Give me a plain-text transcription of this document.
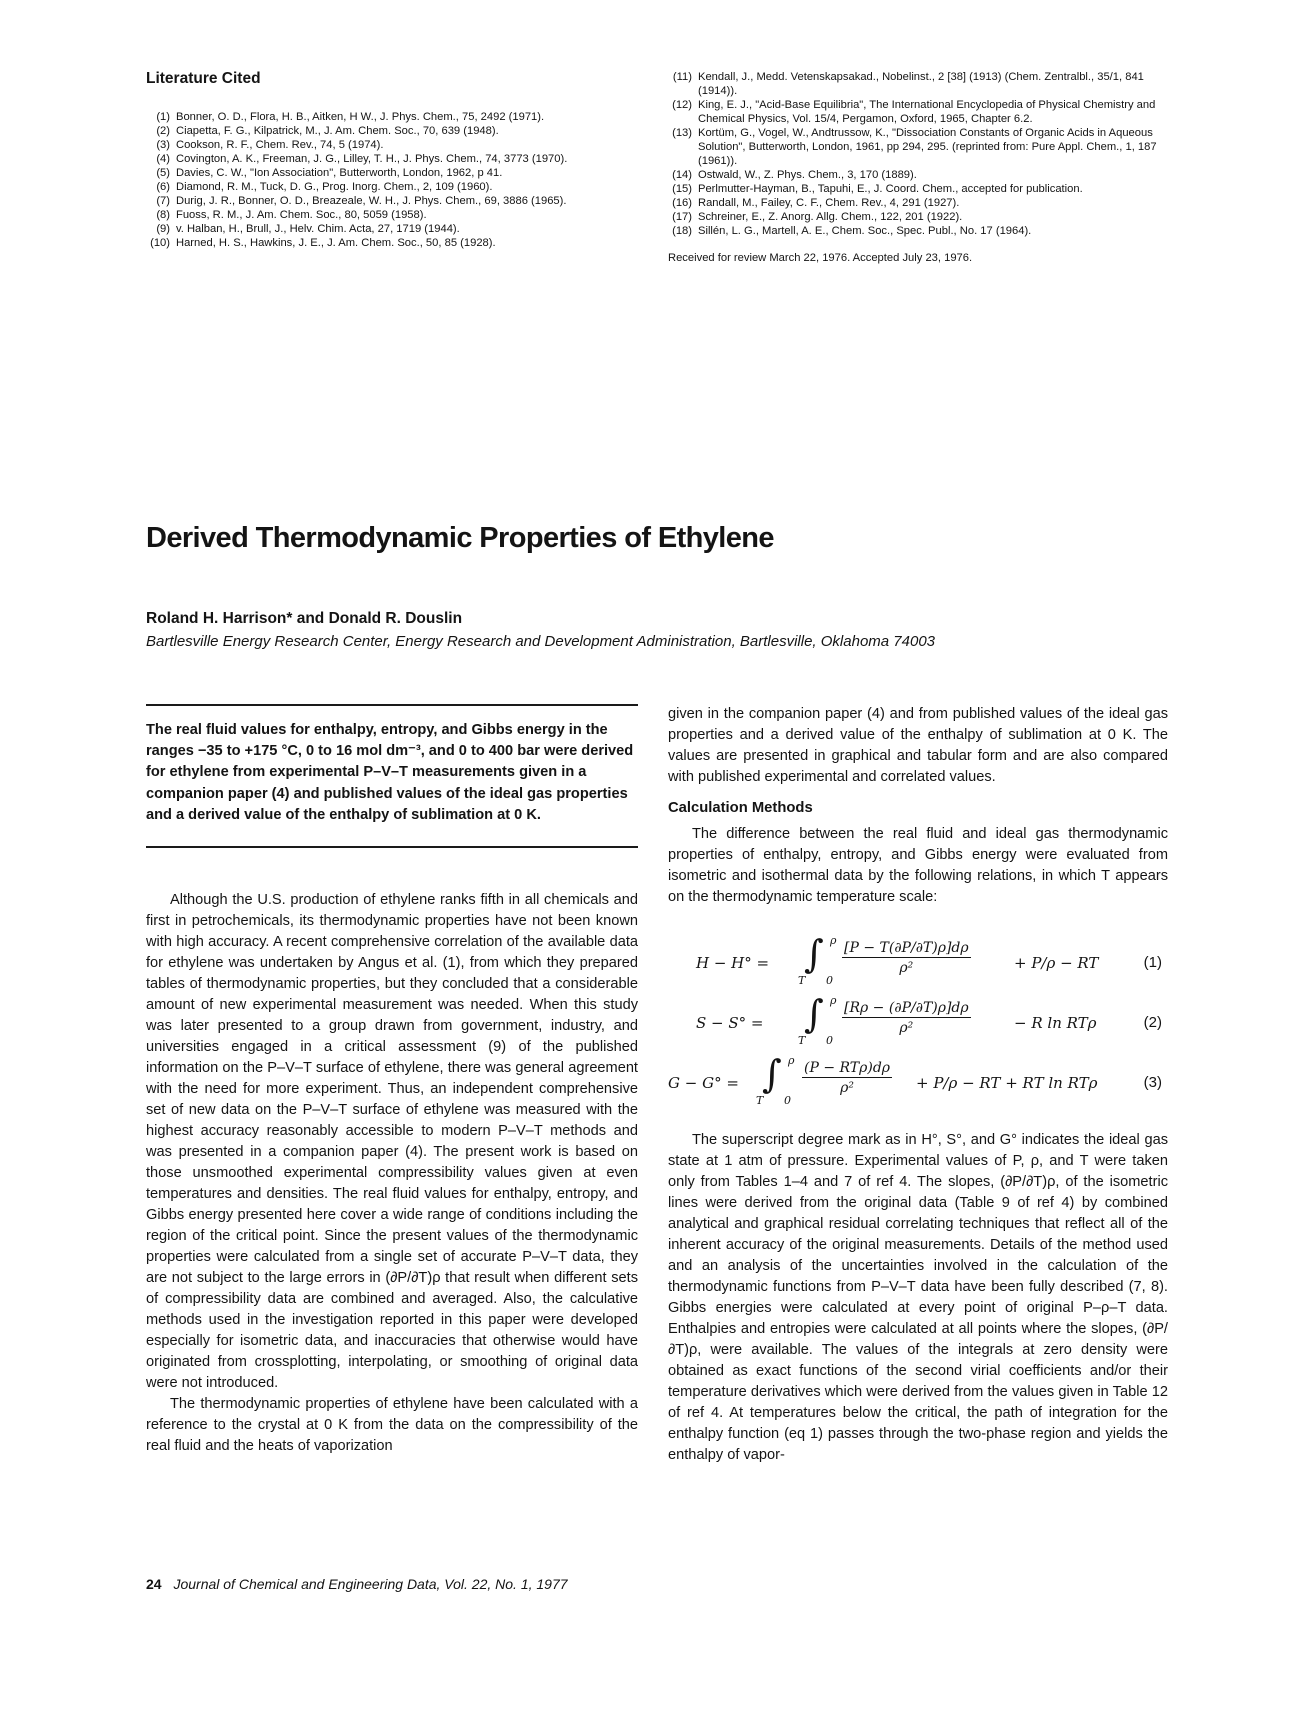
Literature Cited
(1) Bonner, O. D., Flora, H. B., Aitken, H W., J. Phys. Chem., 75, 2492 (1971).
(2) Ciapetta, F. G., Kilpatrick, M., J. Am. Chem. Soc., 70, 639 (1948).
(3) Cookson, R. F., Chem. Rev., 74, 5 (1974).
(4) Covington, A. K., Freeman, J. G., Lilley, T. H., J. Phys. Chem., 74, 3773 (1970).
(5) Davies, C. W., "Ion Association", Butterworth, London, 1962, p 41.
(6) Diamond, R. M., Tuck, D. G., Prog. Inorg. Chem., 2, 109 (1960).
(7) Durig, J. R., Bonner, O. D., Breazeale, W. H., J. Phys. Chem., 69, 3886 (1965).
(8) Fuoss, R. M., J. Am. Chem. Soc., 80, 5059 (1958).
(9) v. Halban, H., Brull, J., Helv. Chim. Acta, 27, 1719 (1944).
(10) Harned, H. S., Hawkins, J. E., J. Am. Chem. Soc., 50, 85 (1928).
(11) Kendall, J., Medd. Vetenskapsakad., Nobelinst., 2 [38] (1913) (Chem. Zentralbl., 35/1, 841 (1914)).
(12) King, E. J., "Acid-Base Equilibria", The International Encyclopedia of Physical Chemistry and Chemical Physics, Vol. 15/4, Pergamon, Oxford, 1965, Chapter 6.2.
(13) Kortüm, G., Vogel, W., Andtrussow, K., "Dissociation Constants of Organic Acids in Aqueous Solution", Butterworth, London, 1961, pp 294, 295. (reprinted from: Pure Appl. Chem., 1, 187 (1961)).
(14) Ostwald, W., Z. Phys. Chem., 3, 170 (1889).
(15) Perlmutter-Hayman, B., Tapuhi, E., J. Coord. Chem., accepted for publication.
(16) Randall, M., Failey, C. F., Chem. Rev., 4, 291 (1927).
(17) Schreiner, E., Z. Anorg. Allg. Chem., 122, 201 (1922).
(18) Sillén, L. G., Martell, A. E., Chem. Soc., Spec. Publ., No. 17 (1964).
Received for review March 22, 1976. Accepted July 23, 1976.
Derived Thermodynamic Properties of Ethylene
Roland H. Harrison* and Donald R. Douslin
Bartlesville Energy Research Center, Energy Research and Development Administration, Bartlesville, Oklahoma 74003

The real fluid values for enthalpy, entropy, and Gibbs energy in the ranges −35 to +175 °C, 0 to 16 mol dm⁻³, and 0 to 400 bar were derived for ethylene from experimental P–V–T measurements given in a companion paper (4) and published values of the ideal gas properties and a derived value of the enthalpy of sublimation at 0 K.

Although the U.S. production of ethylene ranks fifth in all chemicals and first in petrochemicals, its thermodynamic properties have not been known with high accuracy. A recent comprehensive correlation of the available data for ethylene was undertaken by Angus et al. (1), from which they prepared tables of thermodynamic properties, but they concluded that a considerable amount of new experimental measurement was needed. When this study was later presented to a group drawn from government, industry, and universities engaged in a critical assessment (9) of the published information on the P–V–T surface of ethylene, there was general agreement with the need for more experiment. Thus, an independent comprehensive set of new data on the P–V–T surface of ethylene was measured with the highest accuracy reasonably accessible to modern P–V–T methods and was presented in a companion paper (4). The present work is based on those unsmoothed experimental compressibility values given at even temperatures and densities. The real fluid values for enthalpy, entropy, and Gibbs energy presented here cover a wide range of conditions including the region of the critical point. Since the present values of the thermodynamic properties were calculated from a single set of accurate P–V–T data, they are not subject to the large errors in (∂P/∂T)ρ that result when different sets of compressibility data are combined and averaged. Also, the calculative methods used in the investigation reported in this paper were developed especially for isometric data, and inaccuracies that otherwise would have originated from crossplotting, interpolating, or smoothing of original data were not introduced.

The thermodynamic properties of ethylene have been calculated with a reference to the crystal at 0 K from the data on the compressibility of the real fluid and the heats of vaporization

given in the companion paper (4) and from published values of the ideal gas properties and a derived value of the enthalpy of sublimation at 0 K. The values are presented in graphical and tabular form and are also compared with published experimental and correlated values.

Calculation Methods

The difference between the real fluid and ideal gas thermodynamic properties of enthalpy, entropy, and Gibbs energy were evaluated from isometric and isothermal data by the following relations, in which T appears on the thermodynamic temperature scale:

H − H° =
T
∫
0
ρ $\frac{[P - T(\partial P/\partial T)\rho]d\rho}{\text{ρ²}}$	+ P/ρ − RT	(1)
S − S° =
T
∫
0
ρ $\frac{[R\rho - (\partial P/\partial T)\rho]d\rho}{\text{ρ²}}$	− R ln RTρ	(2)
G − G° =
T
∫
0
ρ (P − RTρ)dρ
ρ²	+ P/ρ − RT + RT ln RTρ	(3)

The superscript degree mark as in H°, S°, and G° indicates the ideal gas state at 1 atm of pressure. Experimental values of P, ρ, and T were taken only from Tables 1–4 and 7 of ref 4. The slopes, (∂P/∂T)ρ, of the isometric lines were derived from the original data (Table 9 of ref 4) by combined analytical and graphical residual correlating techniques that reflect all of the inherent accuracy of the original measurements. Details of the method used and an analysis of the uncertainties involved in the calculation of the thermodynamic functions from P–V–T data have been fully described (7, 8). Gibbs energies were calculated at every point of original P–ρ–T data. Enthalpies and entropies were calculated at all points where the slopes, (∂P/∂T)ρ, were available. The values of the integrals at zero density were obtained as exact functions of the second virial coefficients and/or their temperature derivatives which were derived from the values given in Table 12 of ref 4. At temperatures below the critical, the path of integration for the enthalpy function (eq 1) passes through the two-phase region and yields the enthalpy of vapor-

24 Journal of Chemical and Engineering Data, Vol. 22, No. 1, 1977
